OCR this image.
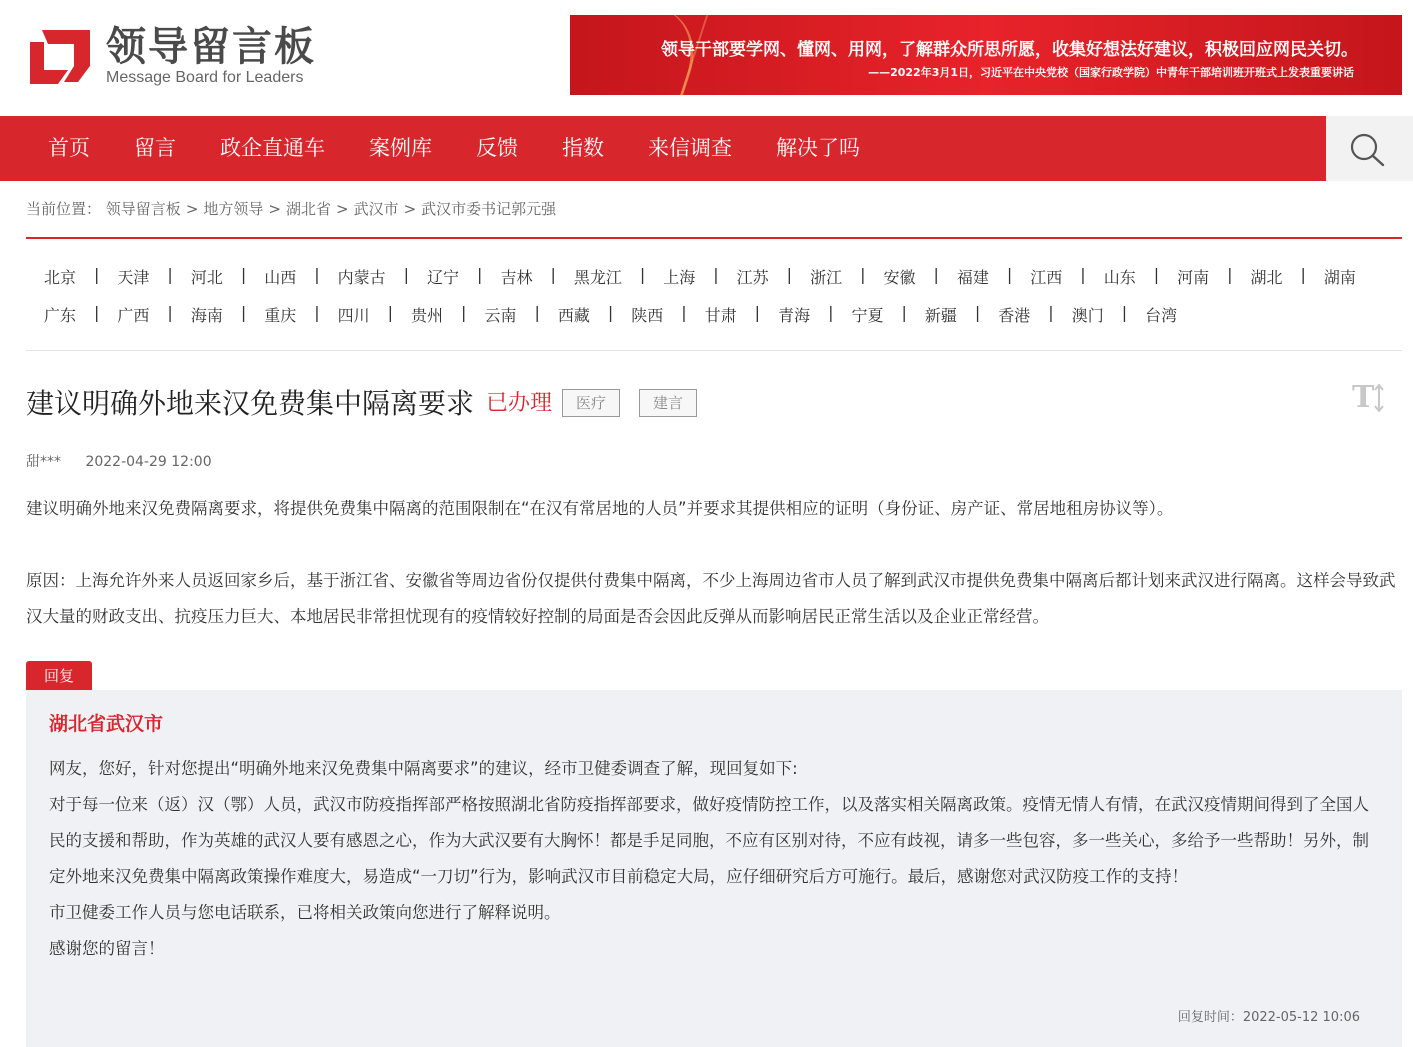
领导留言板
Message Board for Leaders
领导干部要学网、懂网、用网，了解群众所思所愿，收集好想法好建议，积极回应网民关切。
——2022年3月1日，习近平在中央党校（国家行政学院）中青年干部培训班开班式上发表重要讲话
首页	留言	政企直通车	案例库	反馈	指数	来信调查	解决了吗
当前位置： 领导留言板 > 地方领导 > 湖北省 > 武汉市 > 武汉市委书记郭元强
北京	|	天津	|	河北	|	山西	|	内蒙古	|	辽宁	|	吉林	|	黑龙江	|	上海	|	江苏	|	浙江	|	安徽	|	福建	|	江西	|	山东	|	河南	|	湖北	|	湖南
广东	|	广西	|	海南	|	重庆	|	四川	|	贵州	|	云南	|	西藏	|	陕西	|	甘肃	|	青海	|	宁夏	|	新疆	|	香港	|	澳门	|	台湾
建议明确外地来汉免费集中隔离要求 已办理	医疗	建言	T
甜*** 2022-04-29 12:00

建议明确外地来汉免费隔离要求，将提供免费集中隔离的范围限制在“在汉有常居地的人员”并要求其提供相应的证明（身份证、房产证、常居地租房协议等）。

原因：上海允许外来人员返回家乡后，基于浙江省、安徽省等周边省份仅提供付费集中隔离，不少上海周边省市人员了解到武汉市提供免费集中隔离后都计划来武汉进行隔离。这样会导致武汉大量的财政支出、抗疫压力巨大、本地居民非常担忧现有的疫情较好控制的局面是否会因此反弹从而影响居民正常生活以及企业正常经营。

回复
湖北省武汉市

网友，您好，针对您提出“明确外地来汉免费集中隔离要求”的建议，经市卫健委调查了解，现回复如下:

对于每一位来（返）汉（鄂）人员，武汉市防疫指挥部严格按照湖北省防疫指挥部要求，做好疫情防控工作，以及落实相关隔离政策。疫情无情人有情，在武汉疫情期间得到了全国人民的支援和帮助，作为英雄的武汉人要有感恩之心，作为大武汉要有大胸怀！都是手足同胞，不应有区别对待，不应有歧视，请多一些包容，多一些关心，多给予一些帮助！另外，制定外地来汉免费集中隔离政策操作难度大，易造成“一刀切”行为，影响武汉市目前稳定大局，应仔细研究后方可施行。最后，感谢您对武汉防疫工作的支持！

市卫健委工作人员与您电话联系，已将相关政策向您进行了解释说明。

感谢您的留言！

回复时间：2022-05-12 10:06
